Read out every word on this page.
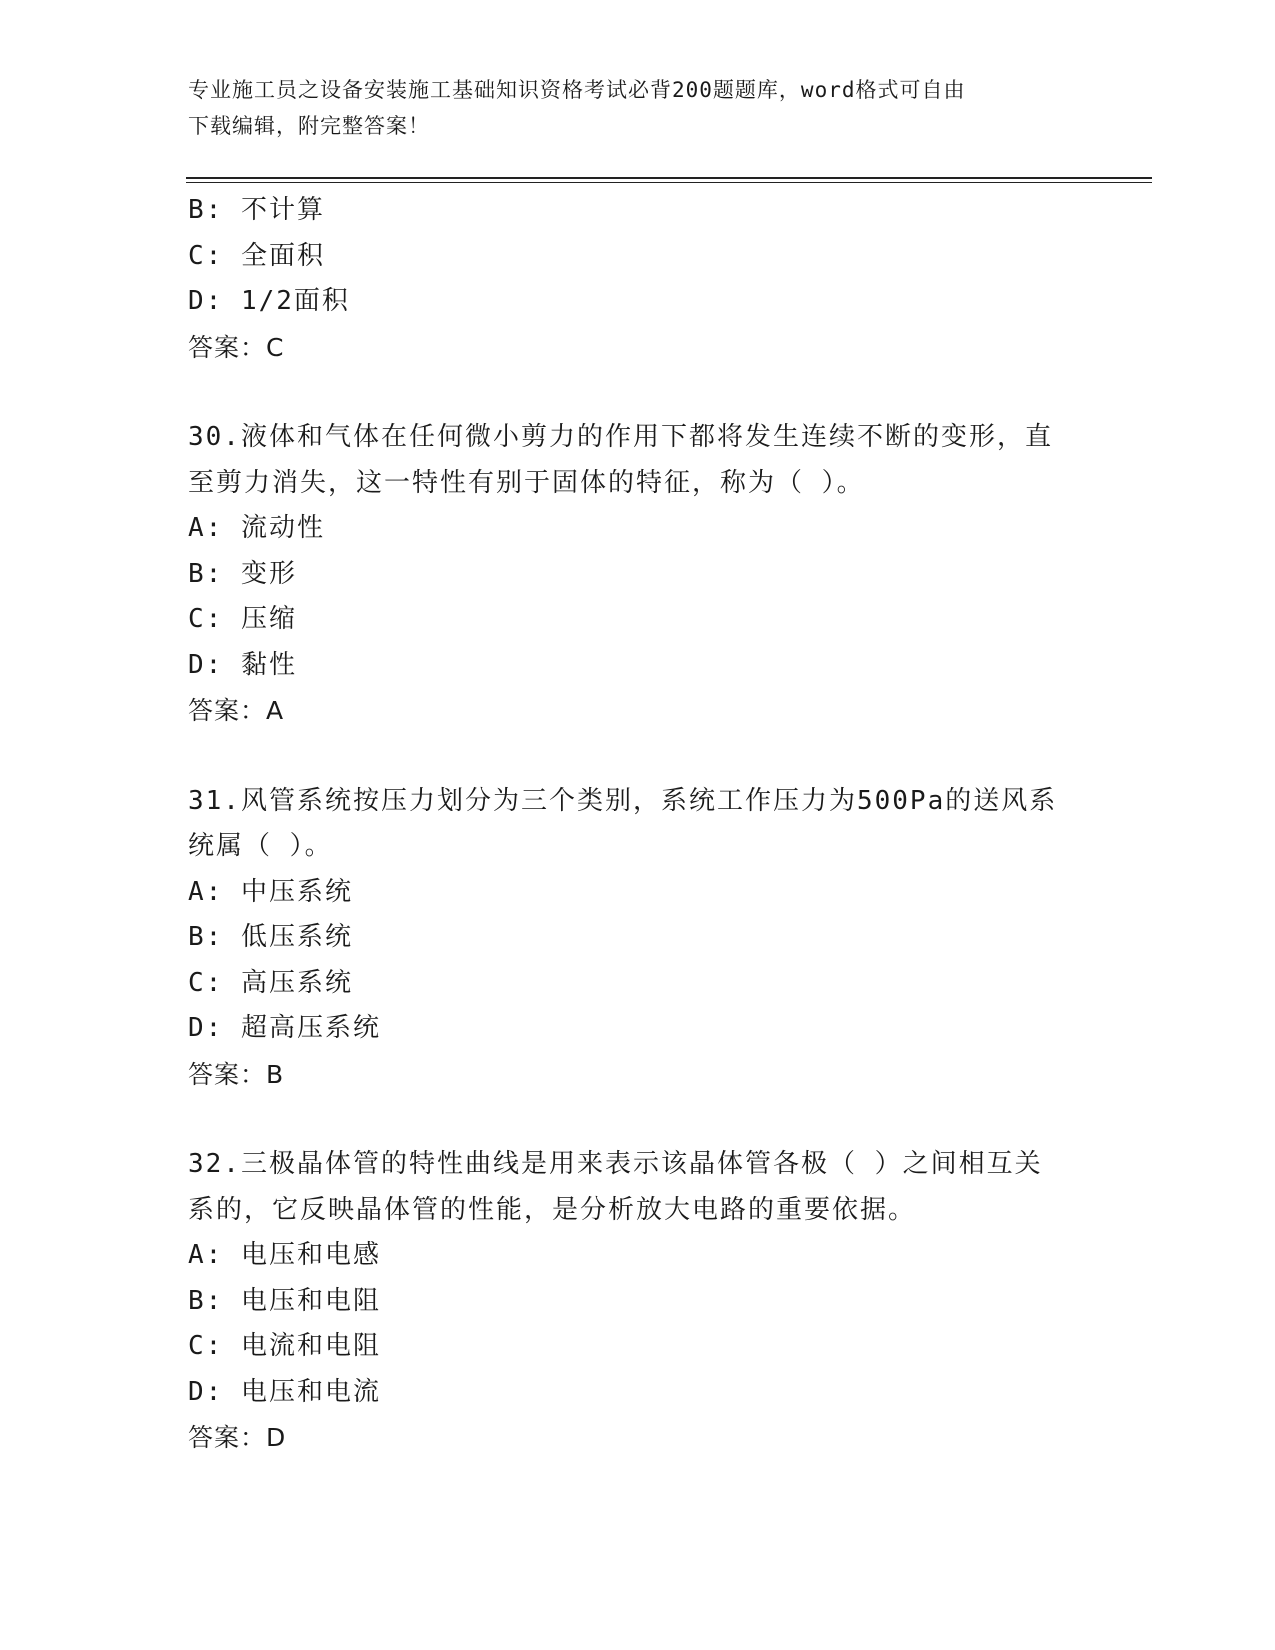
专业施工员之设备安装施工基础知识资格考试必背200题题库，word格式可自由
下载编辑，附完整答案！
B: 不计算
C: 全面积
D: 1/2面积
答案：C
30.液体和气体在任何微小剪力的作用下都将发生连续不断的变形，直
至剪力消失，这一特性有别于固体的特征，称为（ ）。
A: 流动性
B: 变形
C: 压缩
D: 黏性
答案：A
31.风管系统按压力划分为三个类别，系统工作压力为500Pa的送风系
统属（ ）。
A: 中压系统
B: 低压系统
C: 高压系统
D: 超高压系统
答案：B
32.三极晶体管的特性曲线是用来表示该晶体管各极（ ）之间相互关
系的，它反映晶体管的性能，是分析放大电路的重要依据。
A: 电压和电感
B: 电压和电阻
C: 电流和电阻
D: 电压和电流
答案：D
